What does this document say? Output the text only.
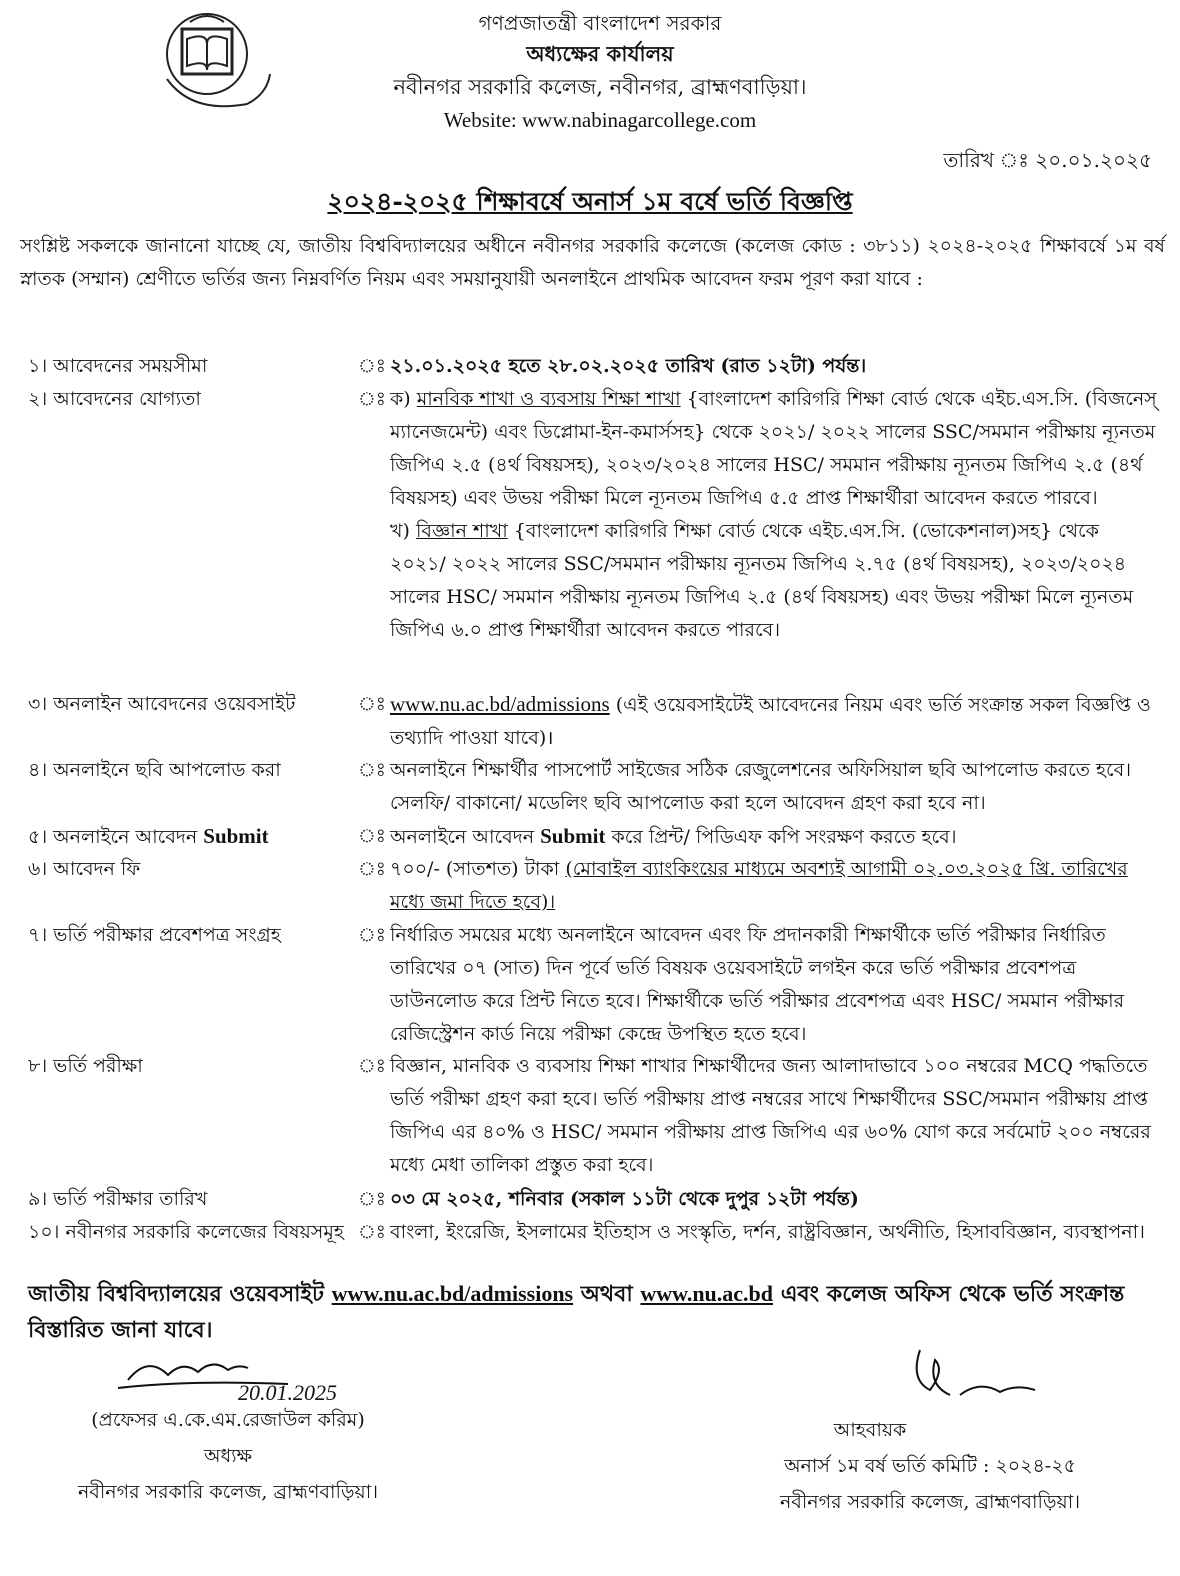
গণপ্রজাতন্ত্রী বাংলাদেশ সরকার
অধ্যক্ষের কার্যালয়
নবীনগর সরকারি কলেজ, নবীনগর, ব্রাহ্মণবাড়িয়া।
Website: www.nabinagarcollege.com
তারিখ ঃ ২০.০১.২০২৫
২০২৪-২০২৫ শিক্ষাবর্ষে অনার্স ১ম বর্ষে ভর্তি বিজ্ঞপ্তি
সংশ্লিষ্ট সকলকে জানানো যাচ্ছে যে, জাতীয় বিশ্ববিদ্যালয়ের অধীনে নবীনগর সরকারি কলেজে (কলেজ কোড : ৩৮১১) ২০২৪-২০২৫ শিক্ষাবর্ষে ১ম বর্ষ স্নাতক (সম্মান) শ্রেণীতে ভর্তির জন্য নিম্নবর্ণিত নিয়ম এবং সময়ানুযায়ী অনলাইনে প্রাথমিক আবেদন ফরম পূরণ করা যাবে :
১। আবেদনের সময়সীমা	ঃ ২১.০১.২০২৫ হতে ২৮.০২.২০২৫ তারিখ (রাত ১২টা) পর্যন্ত।
২। আবেদনের যোগ্যতা	ঃ ক) মানবিক শাখা ও ব্যবসায় শিক্ষা শাখা {বাংলাদেশ কারিগরি শিক্ষা বোর্ড থেকে এইচ.এস.সি. (বিজনেস্ ম্যানেজমেন্ট) এবং ডিপ্লোমা-ইন-কমার্সসহ} থেকে ২০২১/ ২০২২ সালের SSC/সমমান পরীক্ষায় ন্যূনতম জিপিএ ২.৫ (৪র্থ বিষয়সহ), ২০২৩/২০২৪ সালের HSC/ সমমান পরীক্ষায় ন্যূনতম জিপিএ ২.৫ (৪র্থ বিষয়সহ) এবং উভয় পরীক্ষা মিলে ন্যূনতম জিপিএ ৫.৫ প্রাপ্ত শিক্ষার্থীরা আবেদন করতে পারবে।
খ) বিজ্ঞান শাখা {বাংলাদেশ কারিগরি শিক্ষা বোর্ড থেকে এইচ.এস.সি. (ভোকেশনাল)সহ} থেকে ২০২১/ ২০২২ সালের SSC/সমমান পরীক্ষায় ন্যূনতম জিপিএ ২.৭৫ (৪র্থ বিষয়সহ), ২০২৩/২০২৪ সালের HSC/ সমমান পরীক্ষায় ন্যূনতম জিপিএ ২.৫ (৪র্থ বিষয়সহ) এবং উভয় পরীক্ষা মিলে ন্যূনতম জিপিএ ৬.০ প্রাপ্ত শিক্ষার্থীরা আবেদন করতে পারবে।
৩। অনলাইন আবেদনের ওয়েবসাইট	ঃ www.nu.ac.bd/admissions (এই ওয়েবসাইটেই আবেদনের নিয়ম এবং ভর্তি সংক্রান্ত সকল বিজ্ঞপ্তি ও তথ্যাদি পাওয়া যাবে)।
৪। অনলাইনে ছবি আপলোড করা	ঃ অনলাইনে শিক্ষার্থীর পাসপোর্ট সাইজের সঠিক রেজুলেশনের অফিসিয়াল ছবি আপলোড করতে হবে। সেলফি/ বাকানো/ মডেলিং ছবি আপলোড করা হলে আবেদন গ্রহণ করা হবে না।
৫। অনলাইনে আবেদন Submit	ঃ অনলাইনে আবেদন Submit করে প্রিন্ট/ পিডিএফ কপি সংরক্ষণ করতে হবে।
৬। আবেদন ফি	ঃ ৭০০/- (সাতশত) টাকা (মোবাইল ব্যাংকিংয়ের মাধ্যমে অবশ্যই আগামী ০২.০৩.২০২৫ খ্রি. তারিখের মধ্যে জমা দিতে হবে)।
৭। ভর্তি পরীক্ষার প্রবেশপত্র সংগ্রহ	ঃ নির্ধারিত সময়ের মধ্যে অনলাইনে আবেদন এবং ফি প্রদানকারী শিক্ষার্থীকে ভর্তি পরীক্ষার নির্ধারিত তারিখের ০৭ (সাত) দিন পূর্বে ভর্তি বিষয়ক ওয়েবসাইটে লগইন করে ভর্তি পরীক্ষার প্রবেশপত্র ডাউনলোড করে প্রিন্ট নিতে হবে। শিক্ষার্থীকে ভর্তি পরীক্ষার প্রবেশপত্র এবং HSC/ সমমান পরীক্ষার রেজিস্ট্রেশন কার্ড নিয়ে পরীক্ষা কেন্দ্রে উপস্থিত হতে হবে।
৮। ভর্তি পরীক্ষা	ঃ বিজ্ঞান, মানবিক ও ব্যবসায় শিক্ষা শাখার শিক্ষার্থীদের জন্য আলাদাভাবে ১০০ নম্বরের MCQ পদ্ধতিতে ভর্তি পরীক্ষা গ্রহণ করা হবে। ভর্তি পরীক্ষায় প্রাপ্ত নম্বরের সাথে শিক্ষার্থীদের SSC/সমমান পরীক্ষায় প্রাপ্ত জিপিএ এর ৪০% ও HSC/ সমমান পরীক্ষায় প্রাপ্ত জিপিএ এর ৬০% যোগ করে সর্বমোট ২০০ নম্বরের মধ্যে মেধা তালিকা প্রস্তুত করা হবে।
৯। ভর্তি পরীক্ষার তারিখ	ঃ ০৩ মে ২০২৫, শনিবার (সকাল ১১টা থেকে দুপুর ১২টা পর্যন্ত)
১০। নবীনগর সরকারি কলেজের বিষয়সমূহ ঃ বাংলা, ইংরেজি, ইসলামের ইতিহাস ও সংস্কৃতি, দর্শন, রাষ্ট্রবিজ্ঞান, অর্থনীতি, হিসাববিজ্ঞান, ব্যবস্থাপনা।
জাতীয় বিশ্ববিদ্যালয়ের ওয়েবসাইট www.nu.ac.bd/admissions অথবা www.nu.ac.bd এবং কলেজ অফিস থেকে ভর্তি সংক্রান্ত বিস্তারিত জানা যাবে।
20.01.2025
(প্রফেসর এ.কে.এম.রেজাউল করিম)
অধ্যক্ষ
নবীনগর সরকারি কলেজ, ব্রাহ্মণবাড়িয়া।
আহবায়ক
অনার্স ১ম বর্ষ ভর্তি কমিটি : ২০২৪-২৫
নবীনগর সরকারি কলেজ, ব্রাহ্মণবাড়িয়া।
